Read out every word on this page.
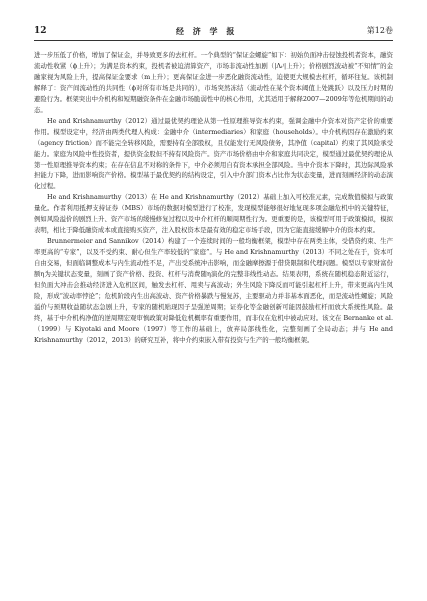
12	经 济 学 报	第12卷

进一步压低了价格，增加了保证金，并导致更多的去杠杆。一个典型的“保证金螺旋”如下：初始负面冲击侵蚀投机者资本，融资流动性收紧（ϕ上升）；为满足资本约束，投机者被迫清算资产，市场非流动性加剧（|Λᵢʲ|上升）；价格剧烈波动被“不知情”的金融家视为风险上升，提高保证金要求（m上升）；更高保证金进一步恶化融资流动性，迫使更大规模去杠杆，循环往复。该机制解释了：资产间流动性的共同性（ϕ对所有市场是共同的），市场突然冻结（流动性在某个资本阈值上处跳跃）以及压力时期的避险行为。框架突出中介机构和短期融资条件在金融市场脆弱性中的核心作用，尤其适用于解释2007—2009年等危机期间的动态。

He and Krishnamurthy（2012）通过最优契约理论从第一性原理推导资本约束，强调金融中介资本对资产定价的重要作用。模型设定中，经济由两类代理人构成：金融中介（intermediaries）和家庭（households）。中介机构因存在激励约束（agency friction）而不能完全转移风险，需要持有全部股权，且仅能发行无风险债务，其净值（capital）约束了其风险承受能力。家庭为风险中性投资者，提供资金股但不持有风险资产。资产市场价格由中介和家庭共同决定，模型通过最优契约理论从第一性原理推导资本约束；在存在信息不对称的条件下，中介必须用自有资本承担全部风险。当中介资本下降时，其边际风险承担能力下降，进而影响资产价格。模型基于最优契约的结构设定，引入中介部门资本占比作为状态变量，进而刻画经济的动态演化过程。

He and Krishnamurthy（2013）在 He and Krishnamurthy（2012）基础上加入可校准元素，完成数值模拟与政策量化。作者利用抵押支持证券（MBS）市场的数据对模型进行了校准，发现模型能够很好地复现多项金融危机中的关键特征，例如风险溢价的剧烈上升、资产市场的缓慢修复过程以及中介杠杆的顺周期性行为。更重要的是，该模型可用于政策模拟，模拟表明，相比于降低融资成本或直接购买资产，注入股权资本是最有效的稳定市场手段，因为它能直接缓解中介的资本约束。

Brunnermeier and Sannikov（2014）构建了一个连续时间的一般均衡框架，模型中存在两类主体，受借贷约束、生产率更高的“专家”，以及不受约束、耐心但生产率较低的“家庭”。与 He and Krishnamurthy（2013）不同之处在于，资本可自由交易，但面临调整成本与内生流动性不足，产出受系统冲击影响，而金融摩擦源于借贷限制和代理问题。模型以专家财富份额η为关键状态变量，刻画了资产价格、投资、杠杆与消费随η演化的完整非线性动态。结果表明，系统在随机稳态附近运行，但负面大冲击会推动经济进入危机区间，触发去杠杆、甩卖与高波动；外生风险下降反而可能引起杠杆上升，带来更高内生风险，形成“波动率悖论”；危机阶段内生出高波动、资产价格暴跌与慢复苏，主要驱动力并非基本面恶化，而是流动性螺旋；风险溢价与预期收益随状态急剧上升，专家的随机贴现因子呈强逆周期；证券化等金融创新可能因鼓励杠杆而放大系统性风险。最终，基于中介机构净值的逆周期宏观审慎政策对降低危机概率有重要作用，而非仅在危机中被动应对。该文在 Bernanke et al.（1999）与 Kiyotaki and Moore（1997）等工作的基础上，放弃局部线性化，完整刻画了全局动态；并与 He and Krishnamurthy（2012，2013）的研究互补，将中介约束嵌入带有投资与生产的一般均衡框架。
